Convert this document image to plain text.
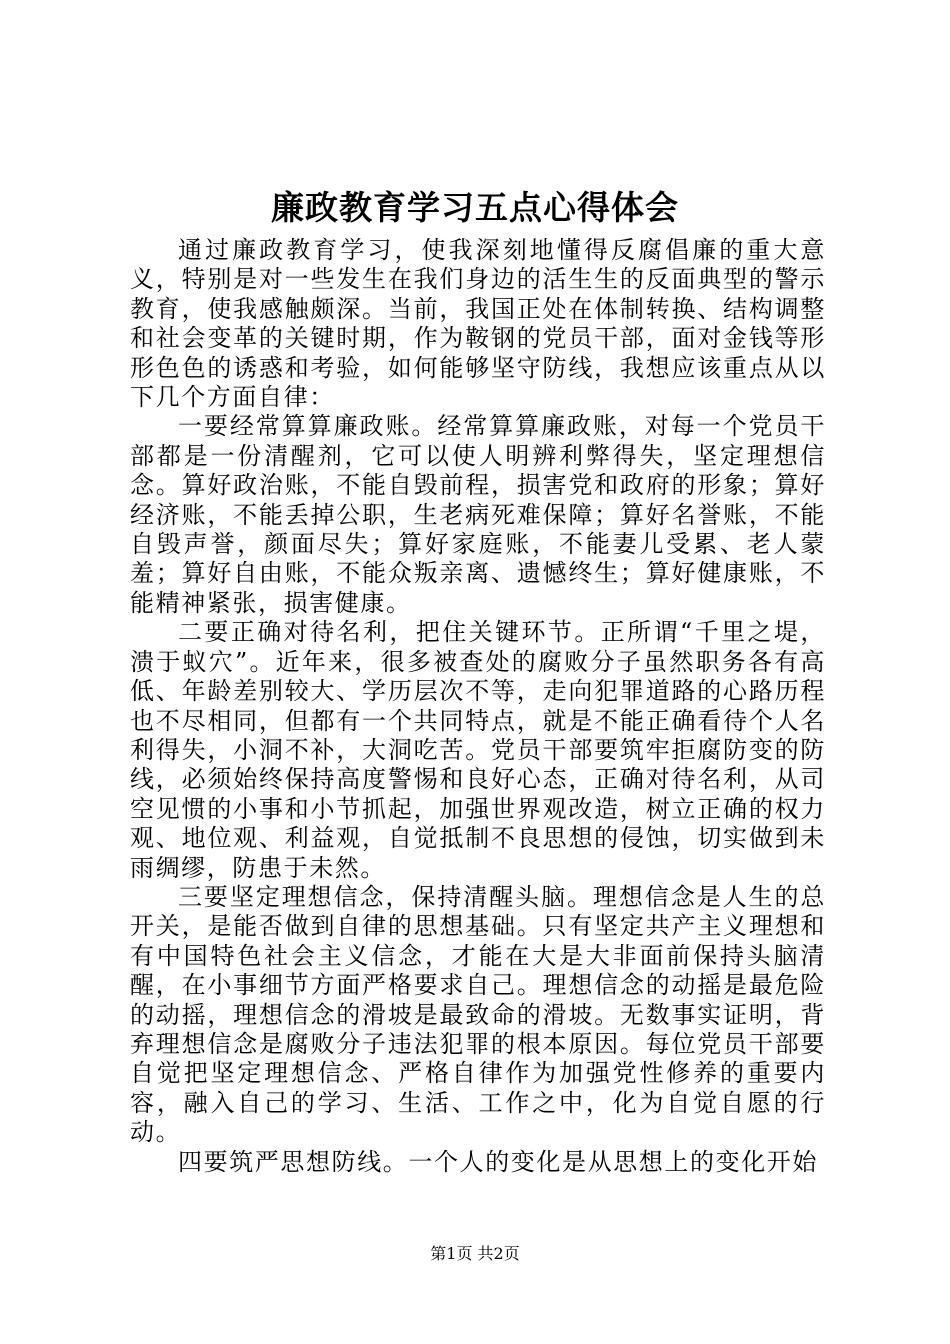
廉政教育学习五点心得体会

通过廉政教育学习，使我深刻地懂得反腐倡廉的重大意义，特别是对一些发生在我们身边的活生生的反面典型的警示教育，使我感触颇深。当前，我国正处在体制转换、结构调整和社会变革的关键时期，作为鞍钢的党员干部，面对金钱等形形色色的诱惑和考验，如何能够坚守防线，我想应该重点从以下几个方面自律：

一要经常算算廉政账。经常算算廉政账，对每一个党员干部都是一份清醒剂，它可以使人明辨利弊得失，坚定理想信念。算好政治账，不能自毁前程，损害党和政府的形象；算好经济账，不能丢掉公职，生老病死难保障；算好名誉账，不能自毁声誉，颜面尽失；算好家庭账，不能妻儿受累、老人蒙羞；算好自由账，不能众叛亲离、遗憾终生；算好健康账，不能精神紧张，损害健康。

二要正确对待名利，把住关键环节。正所谓“千里之堤，溃于蚁穴”。近年来，很多被查处的腐败分子虽然职务各有高低、年龄差别较大、学历层次不等，走向犯罪道路的心路历程也不尽相同，但都有一个共同特点，就是不能正确看待个人名利得失，小洞不补，大洞吃苦。党员干部要筑牢拒腐防变的防线，必须始终保持高度警惕和良好心态，正确对待名利，从司空见惯的小事和小节抓起，加强世界观改造，树立正确的权力观、地位观、利益观，自觉抵制不良思想的侵蚀，切实做到未雨绸缪，防患于未然。

三要坚定理想信念，保持清醒头脑。理想信念是人生的总开关，是能否做到自律的思想基础。只有坚定共产主义理想和有中国特色社会主义信念，才能在大是大非面前保持头脑清醒，在小事细节方面严格要求自己。理想信念的动摇是最危险的动摇，理想信念的滑坡是最致命的滑坡。无数事实证明，背弃理想信念是腐败分子违法犯罪的根本原因。每位党员干部要自觉把坚定理想信念、严格自律作为加强党性修养的重要内容，融入自己的学习、生活、工作之中，化为自觉自愿的行动。

四要筑严思想防线。一个人的变化是从思想上的变化开始

第1页 共2页
